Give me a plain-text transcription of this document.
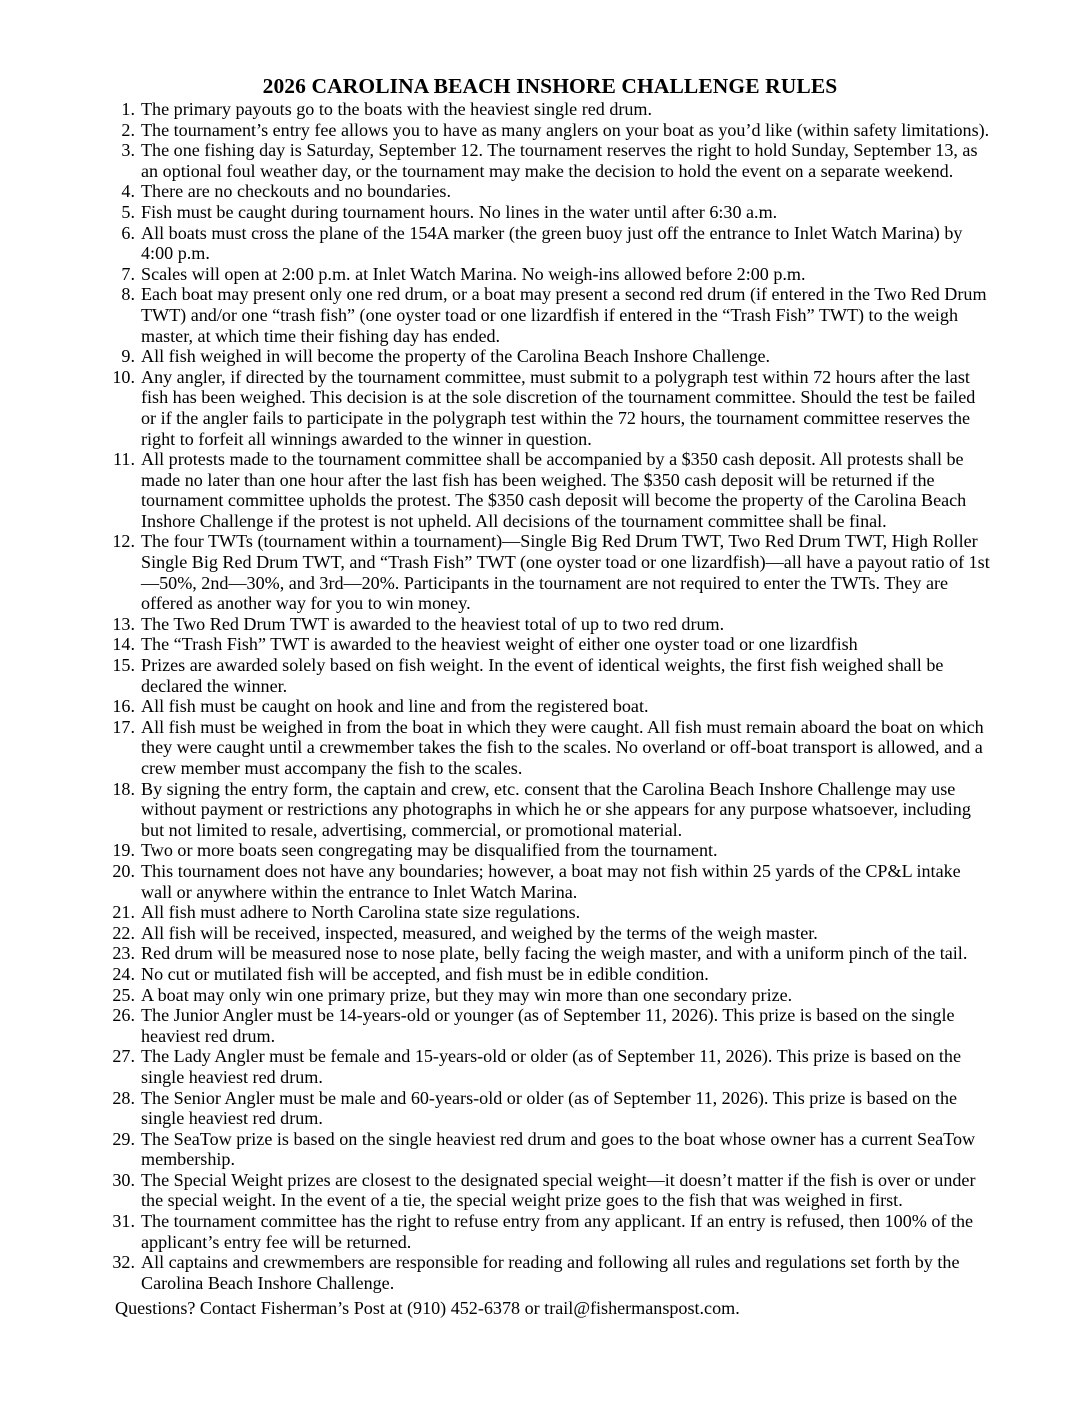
2026 CAROLINA BEACH INSHORE CHALLENGE RULES
1. The primary payouts go to the boats with the heaviest single red drum.
2. The tournament’s entry fee allows you to have as many anglers on your boat as you’d like (within safety limitations).
3. The one fishing day is Saturday, September 12. The tournament reserves the right to hold Sunday, September 13, as an optional foul weather day, or the tournament may make the decision to hold the event on a separate weekend.
4. There are no checkouts and no boundaries.
5. Fish must be caught during tournament hours. No lines in the water until after 6:30 a.m.
6. All boats must cross the plane of the 154A marker (the green buoy just off the entrance to Inlet Watch Marina) by 4:00 p.m.
7. Scales will open at 2:00 p.m. at Inlet Watch Marina. No weigh-ins allowed before 2:00 p.m.
8. Each boat may present only one red drum, or a boat may present a second red drum (if entered in the Two Red Drum TWT) and/or one “trash fish” (one oyster toad or one lizardfish if entered in the “Trash Fish” TWT) to the weigh master, at which time their fishing day has ended.
9. All fish weighed in will become the property of the Carolina Beach Inshore Challenge.
10. Any angler, if directed by the tournament committee, must submit to a polygraph test within 72 hours after the last fish has been weighed. This decision is at the sole discretion of the tournament committee. Should the test be failed or if the angler fails to participate in the polygraph test within the 72 hours, the tournament committee reserves the right to forfeit all winnings awarded to the winner in question.
11. All protests made to the tournament committee shall be accompanied by a $350 cash deposit. All protests shall be made no later than one hour after the last fish has been weighed. The $350 cash deposit will be returned if the tournament committee upholds the protest. The $350 cash deposit will become the property of the Carolina Beach Inshore Challenge if the protest is not upheld. All decisions of the tournament committee shall be final.
12. The four TWTs (tournament within a tournament)—Single Big Red Drum TWT, Two Red Drum TWT, High Roller Single Big Red Drum TWT, and “Trash Fish” TWT (one oyster toad or one lizardfish)—all have a payout ratio of 1st—50%, 2nd—30%, and 3rd—20%. Participants in the tournament are not required to enter the TWTs. They are offered as another way for you to win money.
13. The Two Red Drum TWT is awarded to the heaviest total of up to two red drum.
14. The “Trash Fish” TWT is awarded to the heaviest weight of either one oyster toad or one lizardfish
15. Prizes are awarded solely based on fish weight. In the event of identical weights, the first fish weighed shall be declared the winner.
16. All fish must be caught on hook and line and from the registered boat.
17. All fish must be weighed in from the boat in which they were caught. All fish must remain aboard the boat on which they were caught until a crewmember takes the fish to the scales. No overland or off-boat transport is allowed, and a crew member must accompany the fish to the scales.
18. By signing the entry form, the captain and crew, etc. consent that the Carolina Beach Inshore Challenge may use without payment or restrictions any photographs in which he or she appears for any purpose whatsoever, including but not limited to resale, advertising, commercial, or promotional material.
19. Two or more boats seen congregating may be disqualified from the tournament.
20. This tournament does not have any boundaries; however, a boat may not fish within 25 yards of the CP&L intake wall or anywhere within the entrance to Inlet Watch Marina.
21. All fish must adhere to North Carolina state size regulations.
22. All fish will be received, inspected, measured, and weighed by the terms of the weigh master.
23. Red drum will be measured nose to nose plate, belly facing the weigh master, and with a uniform pinch of the tail.
24. No cut or mutilated fish will be accepted, and fish must be in edible condition.
25. A boat may only win one primary prize, but they may win more than one secondary prize.
26. The Junior Angler must be 14-years-old or younger (as of September 11, 2026). This prize is based on the single heaviest red drum.
27. The Lady Angler must be female and 15-years-old or older (as of September 11, 2026). This prize is based on the single heaviest red drum.
28. The Senior Angler must be male and 60-years-old or older (as of September 11, 2026). This prize is based on the single heaviest red drum.
29. The SeaTow prize is based on the single heaviest red drum and goes to the boat whose owner has a current SeaTow membership.
30. The Special Weight prizes are closest to the designated special weight—it doesn’t matter if the fish is over or under the special weight. In the event of a tie, the special weight prize goes to the fish that was weighed in first.
31. The tournament committee has the right to refuse entry from any applicant. If an entry is refused, then 100% of the applicant’s entry fee will be returned.
32. All captains and crewmembers are responsible for reading and following all rules and regulations set forth by the Carolina Beach Inshore Challenge.
Questions? Contact Fisherman’s Post at (910) 452-6378 or trail@fishermanspost.com.
